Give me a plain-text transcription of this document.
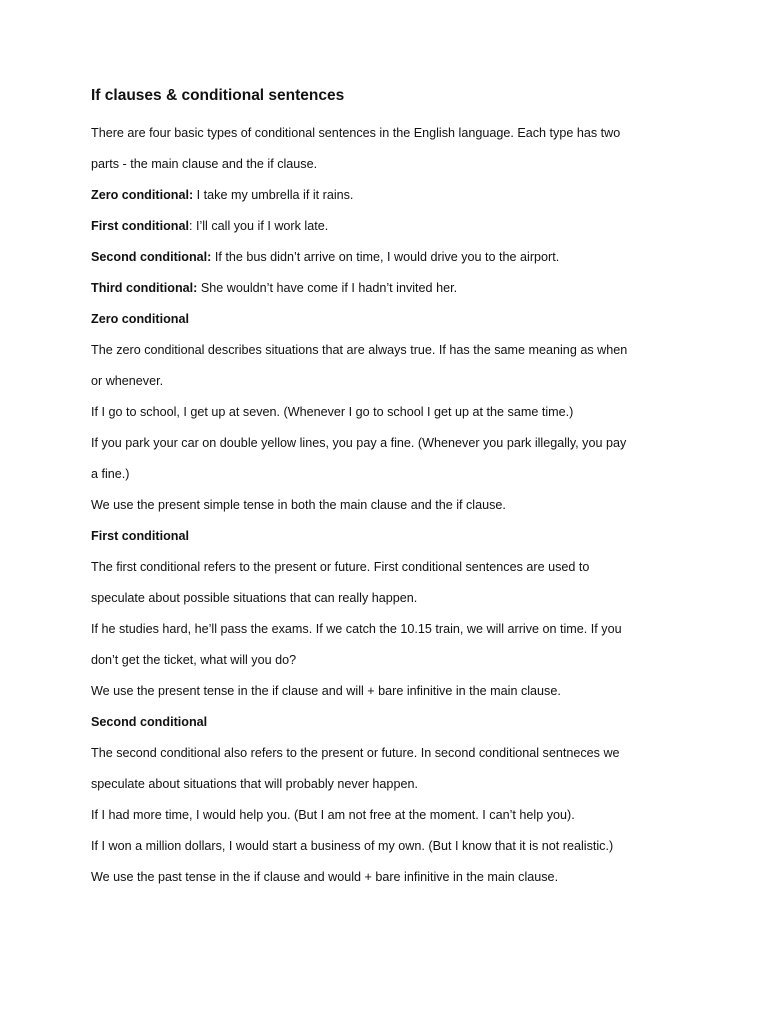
If clauses & conditional sentences

There are four basic types of conditional sentences in the English language. Each type has two parts - the main clause and the if clause.

Zero conditional: I take my umbrella if it rains.

First conditional: I’ll call you if I work late.

Second conditional: If the bus didn’t arrive on time, I would drive you to the airport.

Third conditional: She wouldn’t have come if I hadn’t invited her.

Zero conditional

The zero conditional describes situations that are always true. If has the same meaning as when or whenever.

If I go to school, I get up at seven. (Whenever I go to school I get up at the same time.)

If you park your car on double yellow lines, you pay a fine. (Whenever you park illegally, you pay a fine.)

We use the present simple tense in both the main clause and the if clause.

First conditional

The first conditional refers to the present or future. First conditional sentences are used to speculate about possible situations that can really happen.

If he studies hard, he’ll pass the exams. If we catch the 10.15 train, we will arrive on time. If you don’t get the ticket, what will you do?

We use the present tense in the if clause and will + bare infinitive in the main clause.

Second conditional

The second conditional also refers to the present or future. In second conditional sentneces we speculate about situations that will probably never happen.

If I had more time, I would help you. (But I am not free at the moment. I can’t help you).

If I won a million dollars, I would start a business of my own. (But I know that it is not realistic.)

We use the past tense in the if clause and would + bare infinitive in the main clause.
